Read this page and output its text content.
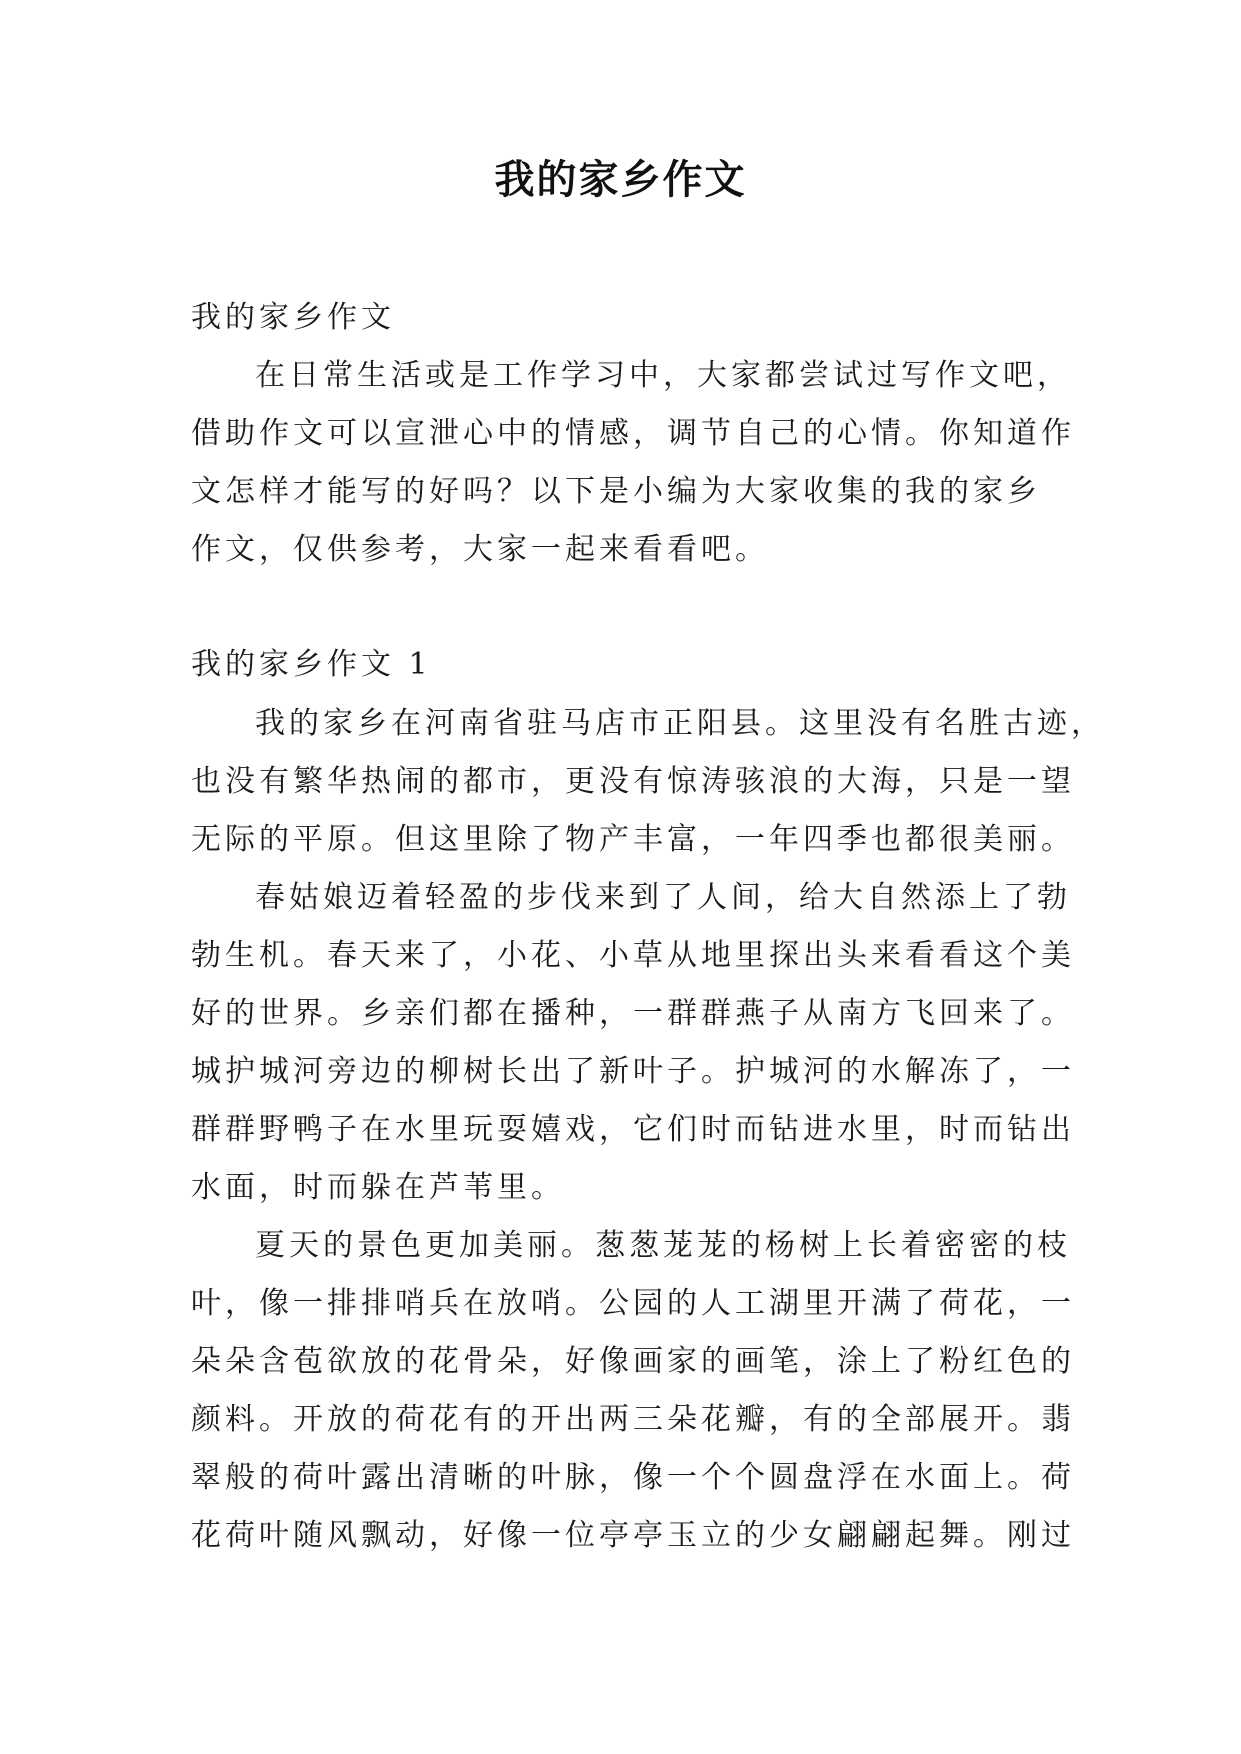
我的家乡作文
我的家乡作文
在日常生活或是工作学习中，大家都尝试过写作文吧，
借助作文可以宣泄心中的情感，调节自己的心情。你知道作
文怎样才能写的好吗？以下是小编为大家收集的我的家乡
作文，仅供参考，大家一起来看看吧。
我的家乡作文 1
我的家乡在河南省驻马店市正阳县。这里没有名胜古迹，
也没有繁华热闹的都市，更没有惊涛骇浪的大海，只是一望
无际的平原。但这里除了物产丰富，一年四季也都很美丽。
春姑娘迈着轻盈的步伐来到了人间，给大自然添上了勃
勃生机。春天来了，小花、小草从地里探出头来看看这个美
好的世界。乡亲们都在播种，一群群燕子从南方飞回来了。
城护城河旁边的柳树长出了新叶子。护城河的水解冻了，一
群群野鸭子在水里玩耍嬉戏，它们时而钻进水里，时而钻出
水面，时而躲在芦苇里。
夏天的景色更加美丽。葱葱茏茏的杨树上长着密密的枝
叶，像一排排哨兵在放哨。公园的人工湖里开满了荷花，一
朵朵含苞欲放的花骨朵，好像画家的画笔，涂上了粉红色的
颜料。开放的荷花有的开出两三朵花瓣，有的全部展开。翡
翠般的荷叶露出清晰的叶脉，像一个个圆盘浮在水面上。荷
花荷叶随风飘动，好像一位亭亭玉立的少女翩翩起舞。刚过
